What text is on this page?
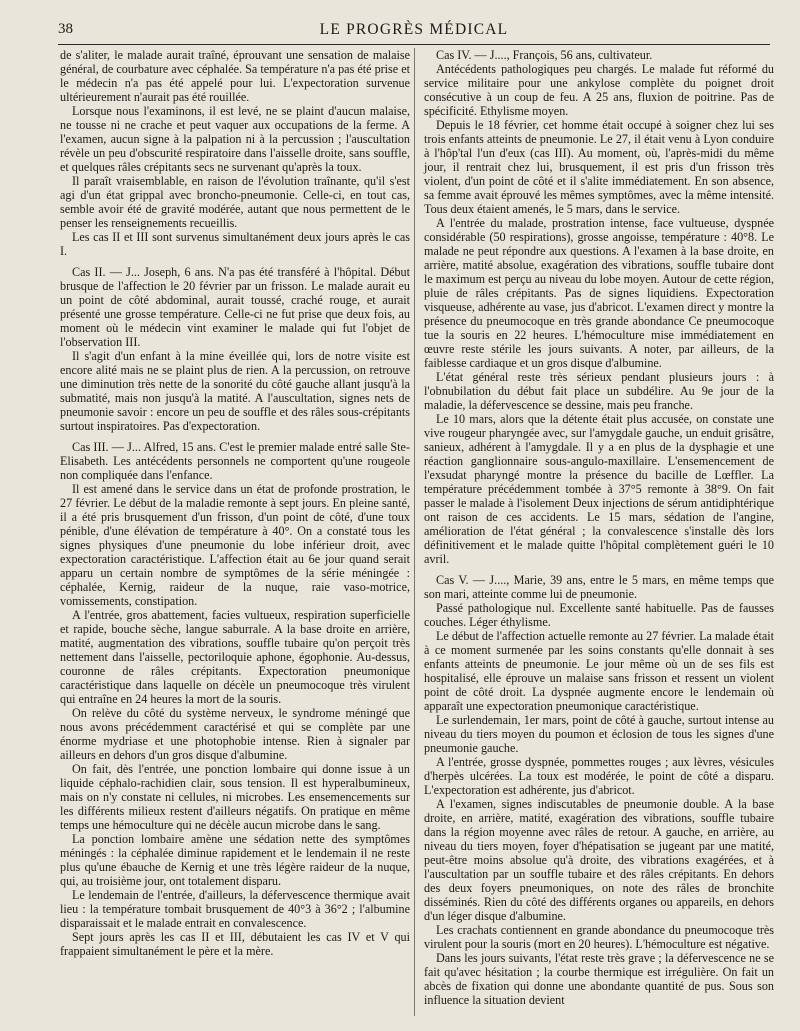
38	LE PROGRÈS MÉDICAL

de s'aliter, le malade aurait traîné, éprouvant une sensation de malaise général, de courbature avec céphalée. Sa température n'a pas été prise et le médecin n'a pas été appelé pour lui. L'expectoration survenue ultérieurement n'aurait pas été rouillée.

Lorsque nous l'examinons, il est levé, ne se plaint d'aucun malaise, ne tousse ni ne crache et peut vaquer aux occupations de la ferme. A l'examen, aucun signe à la palpation ni à la percussion ; l'auscultation révèle un peu d'obscurité respiratoire dans l'aisselle droite, sans souffle, et quelques râles crépitants secs ne survenant qu'après la toux.

Il paraît vraisemblable, en raison de l'évolution traînante, qu'il s'est agi d'un état grippal avec broncho-pneumonie. Celle-ci, en tout cas, semble avoir été de gravité modérée, autant que nous permettent de le penser les renseignements recueillis.

Les cas II et III sont survenus simultanément deux jours après le cas I.

Cas II. — J... Joseph, 6 ans. N'a pas été transféré à l'hôpital. Début brusque de l'affection le 20 février par un frisson. Le malade aurait eu un point de côté abdominal, aurait toussé, craché rouge, et aurait présenté une grosse température. Celle-ci ne fut prise que deux fois, au moment où le médecin vint examiner le malade qui fut l'objet de l'observation III.

Il s'agit d'un enfant à la mine éveillée qui, lors de notre visite est encore alité mais ne se plaint plus de rien. A la percussion, on retrouve une diminution très nette de la sonorité du côté gauche allant jusqu'à la submatité, mais non jusqu'à la matité. A l'auscultation, signes nets de pneumonie savoir : encore un peu de souffle et des râles sous-crépitants surtout inspiratoires. Pas d'expectoration.

Cas III. — J... Alfred, 15 ans. C'est le premier malade entré salle Ste-Elisabeth. Les antécédents personnels ne comportent qu'une rougeole non compliquée dans l'enfance.

Il est amené dans le service dans un état de profonde prostration, le 27 février. Le début de la maladie remonte à sept jours. En pleine santé, il a été pris brusquement d'un frisson, d'un point de côté, d'une toux pénible, d'une élévation de température à 40°. On a constaté tous les signes physiques d'une pneumonie du lobe inférieur droit, avec expectoration caractéristique. L'affection était au 6e jour quand serait apparu un certain nombre de symptômes de la série méningée : céphalée, Kernig, raideur de la nuque, raie vaso-motrice, vomissements, constipation.

A l'entrée, gros abattement, facies vultueux, respiration superficielle et rapide, bouche sèche, langue saburrale. A la base droite en arrière, matité, augmentation des vibrations, souffle tubaire qu'on perçoit très nettement dans l'aisselle, pectoriloquie aphone, égophonie. Au-dessus, couronne de râles crépitants. Expectoration pneumonique caractéristique dans laquelle on décèle un pneumocoque très virulent qui entraîne en 24 heures la mort de la souris.

On relève du côté du système nerveux, le syndrome méningé que nous avons précédemment caractérisé et qui se complète par une énorme mydriase et une photophobie intense. Rien à signaler par ailleurs en dehors d'un gros disque d'albumine.

On fait, dès l'entrée, une ponction lombaire qui donne issue à un liquide céphalo-rachidien clair, sous tension. Il est hyperalbumineux, mais on n'y constate ni cellules, ni microbes. Les ensemencements sur les différents milieux restent d'ailleurs négatifs. On pratique en même temps une hémoculture qui ne décèle aucun microbe dans le sang.

La ponction lombaire amène une sédation nette des symptômes méningés : la céphalée diminue rapidement et le lendemain il ne reste plus qu'une ébauche de Kernig et une très légère raideur de la nuque, qui, au troisième jour, ont totalement disparu.

Le lendemain de l'entrée, d'ailleurs, la défervescence thermique avait lieu : la température tombait brusquement de 40°3 à 36°2 ; l'albumine disparaissait et le malade entrait en convalescence.

Sept jours après les cas II et III, débutaient les cas IV et V qui frappaient simultanément le père et la mère.

Cas IV. — J...., François, 56 ans, cultivateur.

Antécédents pathologiques peu chargés. Le malade fut réformé du service militaire pour une ankylose complète du poignet droit consécutive à un coup de feu. A 25 ans, fluxion de poitrine. Pas de spécificité. Ethylisme moyen.

Depuis le 18 février, cet homme était occupé à soigner chez lui ses trois enfants atteints de pneumonie. Le 27, il était venu à Lyon conduire à l'hôp'tal l'un d'eux (cas III). Au moment, où, l'après-midi du même jour, il rentrait chez lui, brusquement, il est pris d'un frisson très violent, d'un point de côté et il s'alite immédiatement. En son absence, sa femme avait éprouvé les mêmes symptômes, avec la même intensité. Tous deux étaient amenés, le 5 mars, dans le service.

A l'entrée du malade, prostration intense, face vultueuse, dyspnée considérable (50 respirations), grosse angoisse, température : 40°8. Le malade ne peut répondre aux questions. A l'examen à la base droite, en arrière, matité absolue, exagération des vibrations, souffle tubaire dont le maximum est perçu au niveau du lobe moyen. Autour de cette région, pluie de râles crépitants. Pas de signes liquidiens. Expectoration visqueuse, adhérente au vase, jus d'abricot. L'examen direct y montre la présence du pneumocoque en très grande abondance Ce pneumocoque tue la souris en 22 heures. L'hémoculture mise immédiatement en œuvre reste stérile les jours suivants. A noter, par ailleurs, de la faiblesse cardiaque et un gros disque d'albumine.

L'état général reste très sérieux pendant plusieurs jours : à l'obnubilation du début fait place un subdélire. Au 9e jour de la maladie, la défervescence se dessine, mais peu franche.

Le 10 mars, alors que la détente était plus accusée, on constate une vive rougeur pharyngée avec, sur l'amygdale gauche, un enduit grisâtre, sanieux, adhérent à l'amygdale. Il y a en plus de la dysphagie et une réaction ganglionnaire sous-angulo-maxillaire. L'ensemencement de l'exsudat pharyngé montre la présence du bacille de Lœffler. La température précédemment tombée à 37°5 remonte à 38°9. On fait passer le malade à l'isolement Deux injections de sérum antidiphtérique ont raison de ces accidents. Le 15 mars, sédation de l'angine, amélioration de l'état général ; la convalescence s'installe dès lors définitivement et le malade quitte l'hôpital complètement guéri le 10 avril.

Cas V. — J...., Marie, 39 ans, entre le 5 mars, en même temps que son mari, atteinte comme lui de pneumonie.

Passé pathologique nul. Excellente santé habituelle. Pas de fausses couches. Léger éthylisme.

Le début de l'affection actuelle remonte au 27 février. La malade était à ce moment surmenée par les soins constants qu'elle donnait à ses enfants atteints de pneumonie. Le jour même où un de ses fils est hospitalisé, elle éprouve un malaise sans frisson et ressent un violent point de côté droit. La dyspnée augmente encore le lendemain où apparaît une expectoration pneumonique caractéristique.

Le surlendemain, 1er mars, point de côté à gauche, surtout intense au niveau du tiers moyen du poumon et éclosion de tous les signes d'une pneumonie gauche.

A l'entrée, grosse dyspnée, pommettes rouges ; aux lèvres, vésicules d'herpès ulcérées. La toux est modérée, le point de côté a disparu. L'expectoration est adhérente, jus d'abricot.

A l'examen, signes indiscutables de pneumonie double. A la base droite, en arrière, matité, exagération des vibrations, souffle tubaire dans la région moyenne avec râles de retour. A gauche, en arrière, au niveau du tiers moyen, foyer d'hépatisation se jugeant par une matité, peut-être moins absolue qu'à droite, des vibrations exagérées, et à l'auscultation par un souffle tubaire et des râles crépitants. En dehors des deux foyers pneumoniques, on note des râles de bronchite disséminés. Rien du côté des différents organes ou appareils, en dehors d'un léger disque d'albumine.

Les crachats contiennent en grande abondance du pneumocoque très virulent pour la souris (mort en 20 heures). L'hémoculture est négative.

Dans les jours suivants, l'état reste très grave ; la défervescence ne se fait qu'avec hésitation ; la courbe thermique est irrégulière. On fait un abcès de fixation qui donne une abondante quantité de pus. Sous son influence la situation devient
